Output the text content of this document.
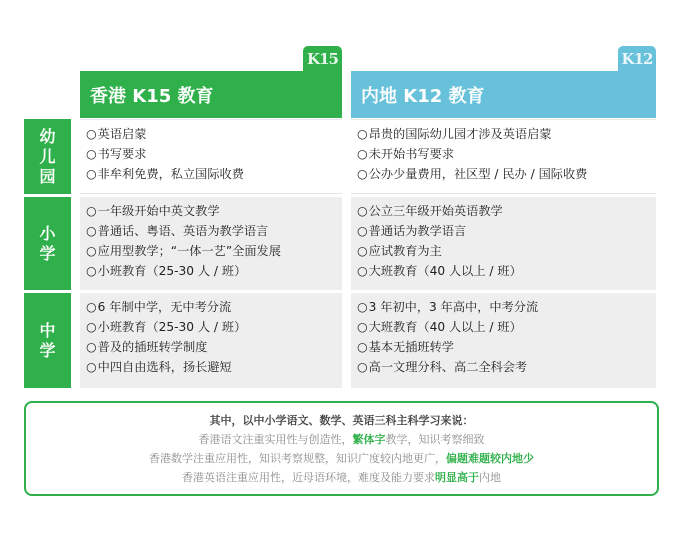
K15	K12
香港 K15 教育	内地 K12 教育
幼
儿
园
○英语启蒙
○书写要求
○非牟利免费，私立国际收费
○昂贵的国际幼儿园才涉及英语启蒙
○未开始书写要求
○公办少量费用，社区型 / 民办 / 国际收费
小
学
○一年级开始中英文教学
○普通话、粤语、英语为教学语言
○应用型教学；“一体一艺”全面发展
○小班教育（25-30 人 / 班）
○公立三年级开始英语教学
○普通话为教学语言
○应试教育为主
○大班教育（40 人以上 / 班）
中
学
○6 年制中学，无中考分流
○小班教育（25-30 人 / 班）
○普及的插班转学制度
○中四自由选科，扬长避短
○3 年初中，3 年高中，中考分流
○大班教育（40 人以上 / 班）
○基本无插班转学
○高一文理分科、高二全科会考
其中，以中小学语文、数学、英语三科主科学习来说：
香港语文注重实用性与创造性，繁体字教学，知识考察细致
香港数学注重应用性，知识考察规整，知识广度较内地更广，偏题难题较内地少
香港英语注重应用性，近母语环境，难度及能力要求明显高于内地
